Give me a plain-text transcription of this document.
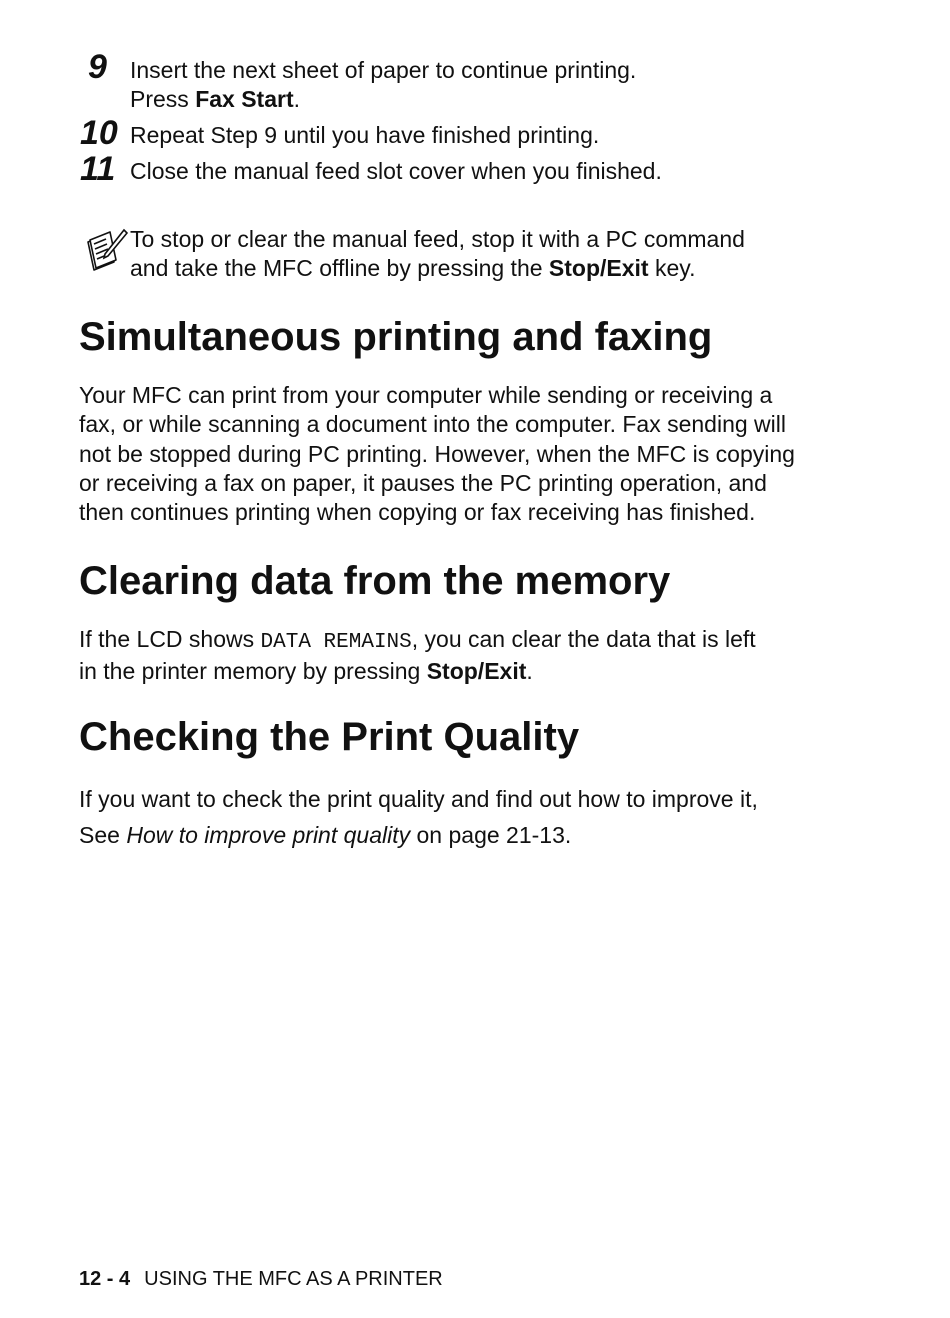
9 Insert the next sheet of paper to continue printing.
Press Fax Start.
10 Repeat Step 9 until you have finished printing.
11 Close the manual feed slot cover when you finished.
To stop or clear the manual feed, stop it with a PC command
and take the MFC offline by pressing the Stop/Exit key.
Simultaneous printing and faxing
Your MFC can print from your computer while sending or receiving a
fax, or while scanning a document into the computer. Fax sending will
not be stopped during PC printing. However, when the MFC is copying
or receiving a fax on paper, it pauses the PC printing operation, and
then continues printing when copying or fax receiving has finished.
Clearing data from the memory
If the LCD shows DATA REMAINS, you can clear the data that is left
in the printer memory by pressing Stop/Exit.
Checking the Print Quality
If you want to check the print quality and find out how to improve it,
See How to improve print quality on page 21-13.
12 - 4 USING THE MFC AS A PRINTER
